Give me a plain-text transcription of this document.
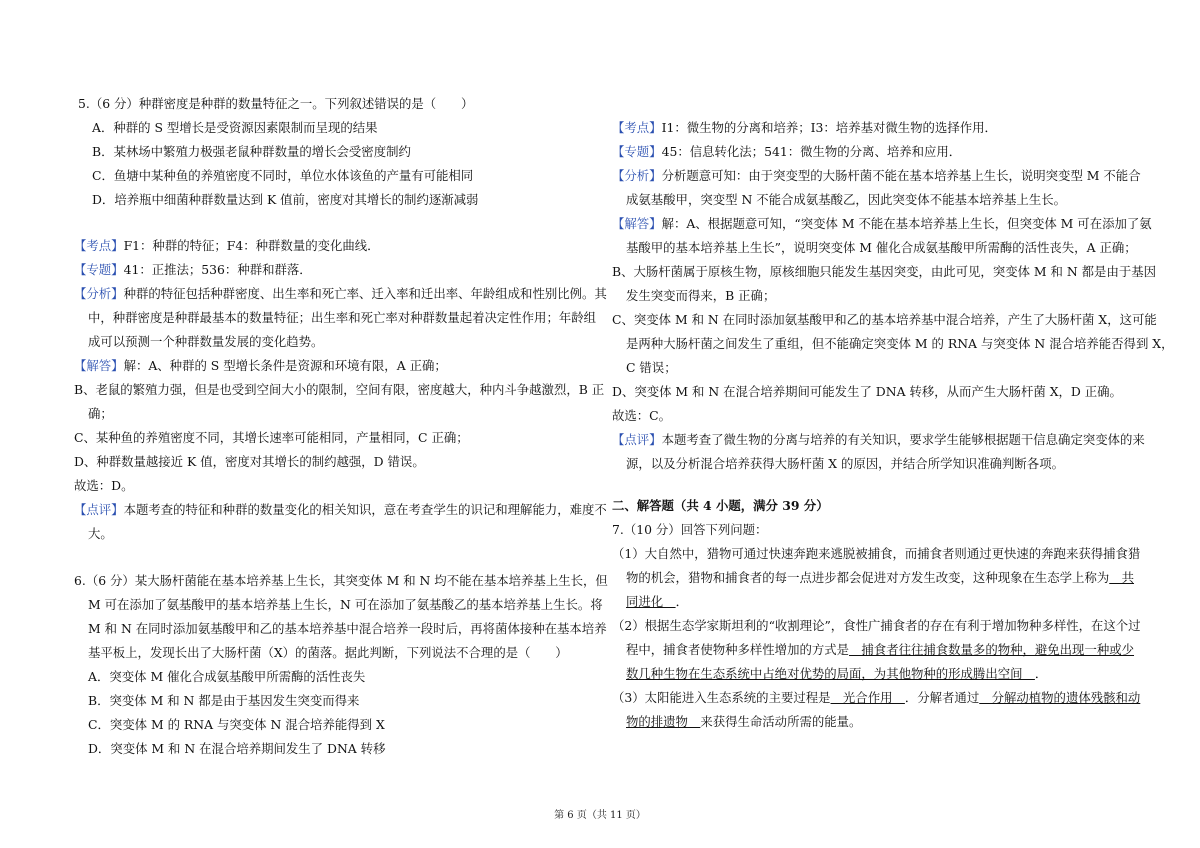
5.（6 分）种群密度是种群的数量特征之一。下列叙述错误的是（　　）
A．种群的 S 型增长是受资源因素限制而呈现的结果
B．某林场中繁殖力极强老鼠种群数量的增长会受密度制约
C．鱼塘中某种鱼的养殖密度不同时，单位水体该鱼的产量有可能相同
D．培养瓶中细菌种群数量达到 K 值前，密度对其增长的制约逐渐减弱
【考点】F1：种群的特征；F4：种群数量的变化曲线．
【专题】41：正推法；536：种群和群落．
【分析】种群的特征包括种群密度、出生率和死亡率、迁入率和迁出率、年龄组成和性别比例。其
中，种群密度是种群最基本的数量特征；出生率和死亡率对种群数量起着决定性作用；年龄组
成可以预测一个种群数量发展的变化趋势。
【解答】解：A、种群的 S 型增长条件是资源和环境有限，A 正确；
B、老鼠的繁殖力强，但是也受到空间大小的限制，空间有限，密度越大，种内斗争越激烈，B 正
确；
C、某种鱼的养殖密度不同，其增长速率可能相同，产量相同，C 正确；
D、种群数量越接近 K 值，密度对其增长的制约越强，D 错误。
故选：D。
【点评】本题考查的特征和种群的数量变化的相关知识，意在考查学生的识记和理解能力，难度不
大。
6.（6 分）某大肠杆菌能在基本培养基上生长，其突变体 M 和 N 均不能在基本培养基上生长，但
M 可在添加了氨基酸甲的基本培养基上生长，N 可在添加了氨基酸乙的基本培养基上生长。将
M 和 N 在同时添加氨基酸甲和乙的基本培养基中混合培养一段时后，再将菌体接种在基本培养
基平板上，发现长出了大肠杆菌（X）的菌落。据此判断，下列说法不合理的是（　　）
A．突变体 M 催化合成氨基酸甲所需酶的活性丧失
B．突变体 M 和 N 都是由于基因发生突变而得来
C．突变体 M 的 RNA 与突变体 N 混合培养能得到 X
D．突变体 M 和 N 在混合培养期间发生了 DNA 转移
【考点】I1：微生物的分离和培养；I3：培养基对微生物的选择作用．
【专题】45：信息转化法；541：微生物的分离、培养和应用．
【分析】分析题意可知：由于突变型的大肠杆菌不能在基本培养基上生长，说明突变型 M 不能合
成氨基酸甲，突变型 N 不能合成氨基酸乙，因此突变体不能基本培养基上生长。
【解答】解：A、根据题意可知，“突变体 M 不能在基本培养基上生长，但突变体 M 可在添加了氨
基酸甲的基本培养基上生长”，说明突变体 M 催化合成氨基酸甲所需酶的活性丧失，A 正确；
B、大肠杆菌属于原核生物，原核细胞只能发生基因突变，由此可见，突变体 M 和 N 都是由于基因
发生突变而得来，B 正确；
C、突变体 M 和 N 在同时添加氨基酸甲和乙的基本培养基中混合培养，产生了大肠杆菌 X，这可能
是两种大肠杆菌之间发生了重组，但不能确定突变体 M 的 RNA 与突变体 N 混合培养能否得到 X，
C 错误；
D、突变体 M 和 N 在混合培养期间可能发生了 DNA 转移，从而产生大肠杆菌 X，D 正确。
故选：C。
【点评】本题考查了微生物的分离与培养的有关知识，要求学生能够根据题干信息确定突变体的来
源，以及分析混合培养获得大肠杆菌 X 的原因，并结合所学知识准确判断各项。
二、解答题（共 4 小题，满分 39 分）
7.（10 分）回答下列问题：
（1）大自然中，猎物可通过快速奔跑来逃脱被捕食，而捕食者则通过更快速的奔跑来获得捕食猎
物的机会，猎物和捕食者的每一点进步都会促进对方发生改变，这种现象在生态学上称为　共
同进化　．
（2）根据生态学家斯坦利的“收割理论”，食性广捕食者的存在有利于增加物种多样性，在这个过
程中，捕食者使物种多样性增加的方式是　捕食者往往捕食数量多的物种，避免出现一种或少
数几种生物在生态系统中占绝对优势的局面，为其他物种的形成腾出空间　．
（3）太阳能进入生态系统的主要过程是　光合作用　．分解者通过　分解动植物的遗体残骸和动
物的排遗物　来获得生命活动所需的能量。
第 6 页（共 11 页）
